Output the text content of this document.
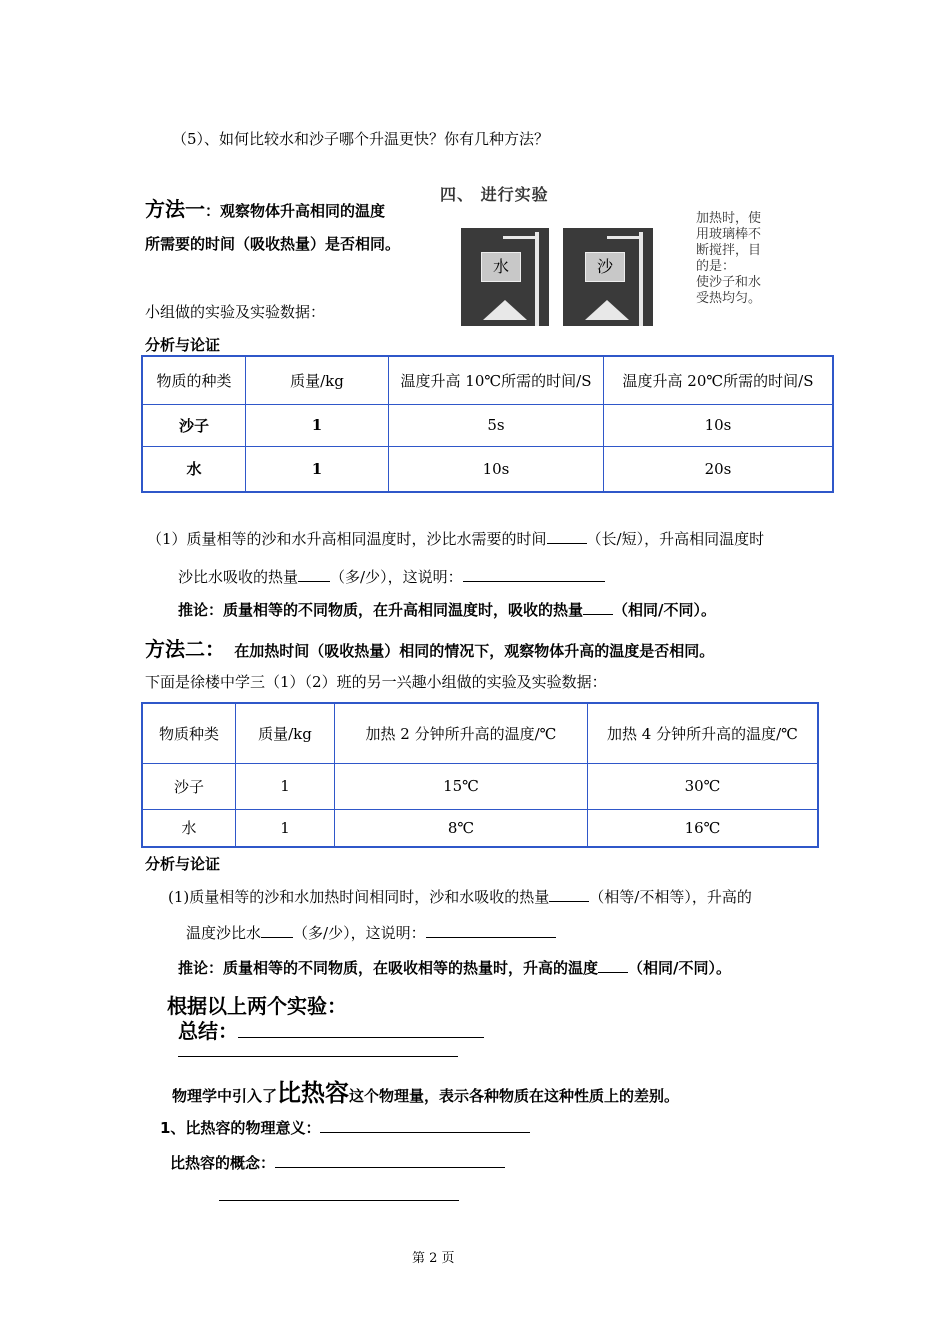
（5）、如何比较水和沙子哪个升温更快？你有几种方法？
方法一：观察物体升高相同的温度
所需要的时间（吸收热量）是否相同。
四、 进行实验
水	沙
加热时，使
用玻璃棒不
断搅拌，目
的是：
使沙子和水
受热均匀。
小组做的实验及实验数据：
分析与论证
物质的种类	质量/kg	温度升高 10℃所需的时间/S	温度升高 20℃所需的时间/S
沙子	1	5s	10s
水	1	10s	20s
（1）质量相等的沙和水升高相同温度时，沙比水需要的时间	（长/短），升高相同温度时
沙比水吸收的热量 （多/少），这说明：
推论：质量相等的不同物质，在升高相同温度时，吸收的热量 （相同/不同）。
方法二： 在加热时间（吸收热量）相同的情况下，观察物体升高的温度是否相同。
下面是徐楼中学三（1）（2）班的另一兴趣小组做的实验及实验数据：
物质种类	质量/kg	加热 2 分钟所升高的温度/℃	加热 4 分钟所升高的温度/℃
沙子	1	15℃	30℃
水	1	8℃	16℃
分析与论证
(1)质量相等的沙和水加热时间相同时，沙和水吸收的热量	（相等/不相等），升高的
温度沙比水 （多/少），这说明：
推论：质量相等的不同物质，在吸收相等的热量时，升高的温度 （相同/不同）。
根据以上两个实验：
总结：
物理学中引入了比热容这个物理量，表示各种物质在这种性质上的差别。
1、比热容的物理意义：
比热容的概念：
第 2 页
